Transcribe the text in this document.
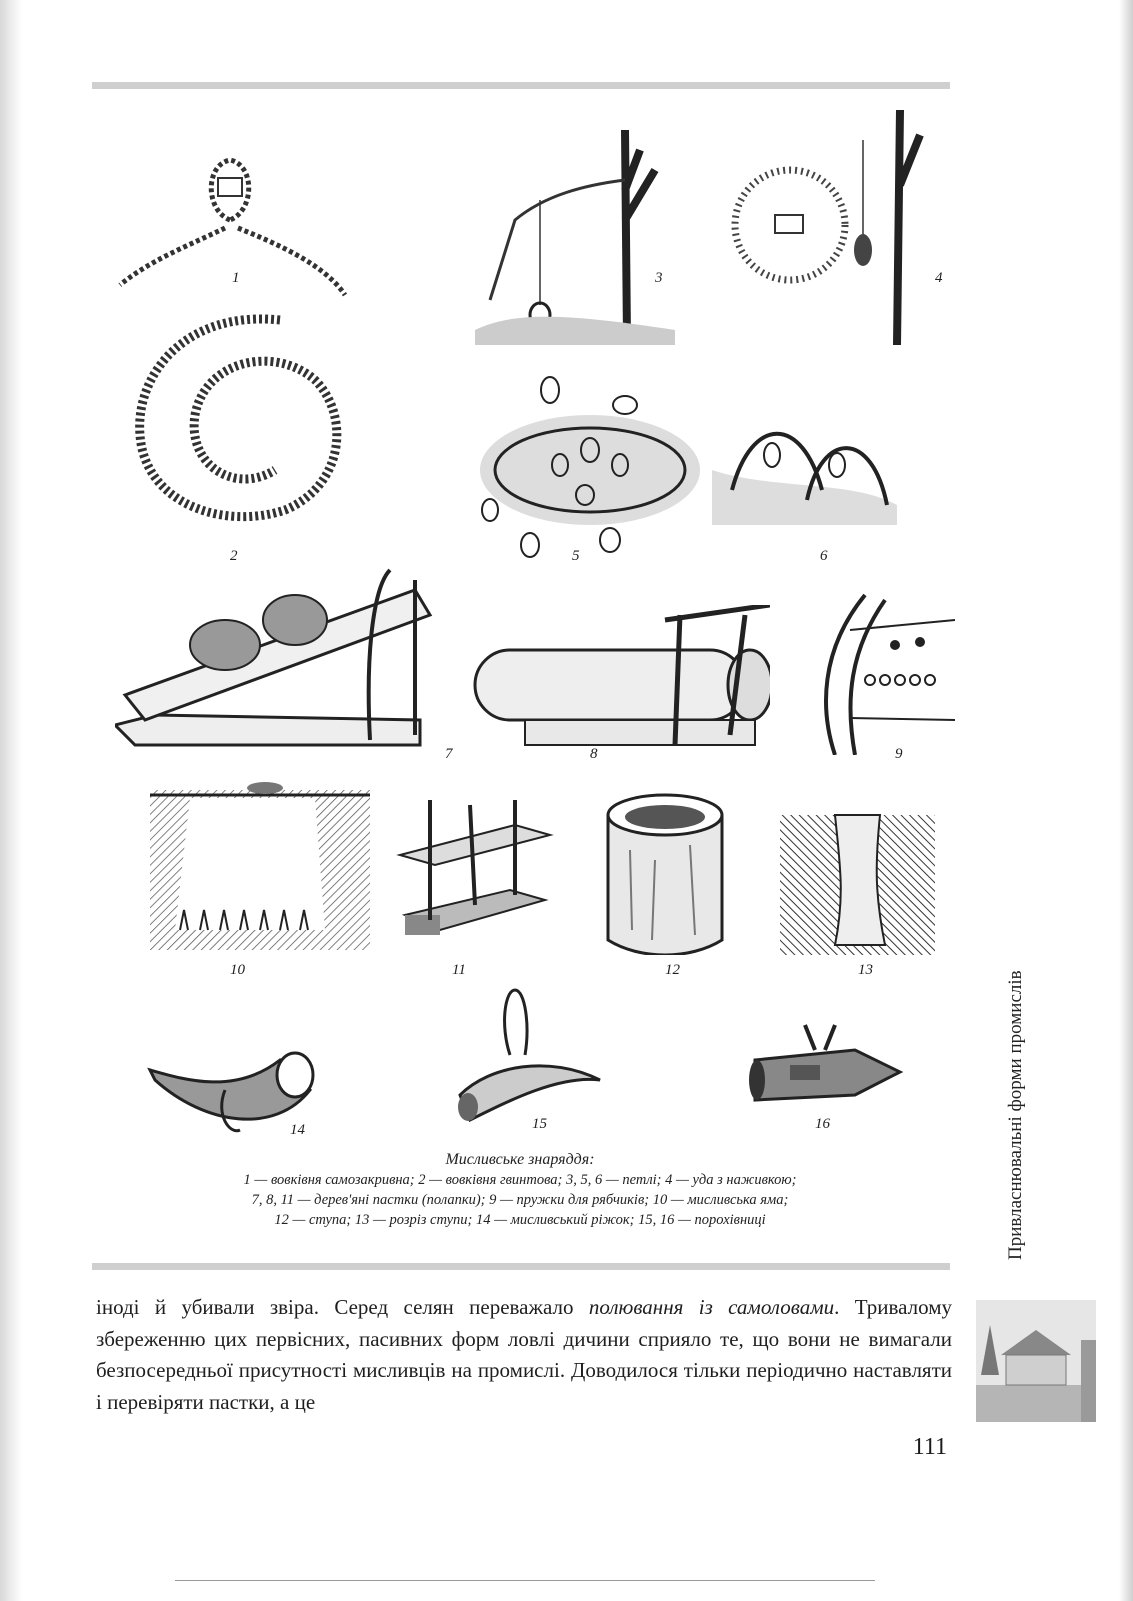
1
2
3	4
5	6
7	8	9
10	11	12	13
14	15	16
Мисливське знаряддя:
1 — вовківня самозакривна; 2 — вовківня гвинтова; 3, 5, 6 — петлі; 4 — уда з наживкою;
7, 8, 11 — дерев'яні пастки (полапки); 9 — пружки для рябчиків; 10 — мисливська яма;
12 — ступа; 13 — розріз ступи; 14 — мисливський ріжок; 15, 16 — порохівниці

іноді й убивали звіра. Серед селян переважало полювання із самоловами. Тривалому збереженню цих первісних, пасивних форм ловлі дичини сприяло те, що вони не вимагали безпосередньої присутності мисливців на промислі. Доводилося тільки періодично наставляти і перевіряти пастки, а це

111
Привласнювальні форми промислів
